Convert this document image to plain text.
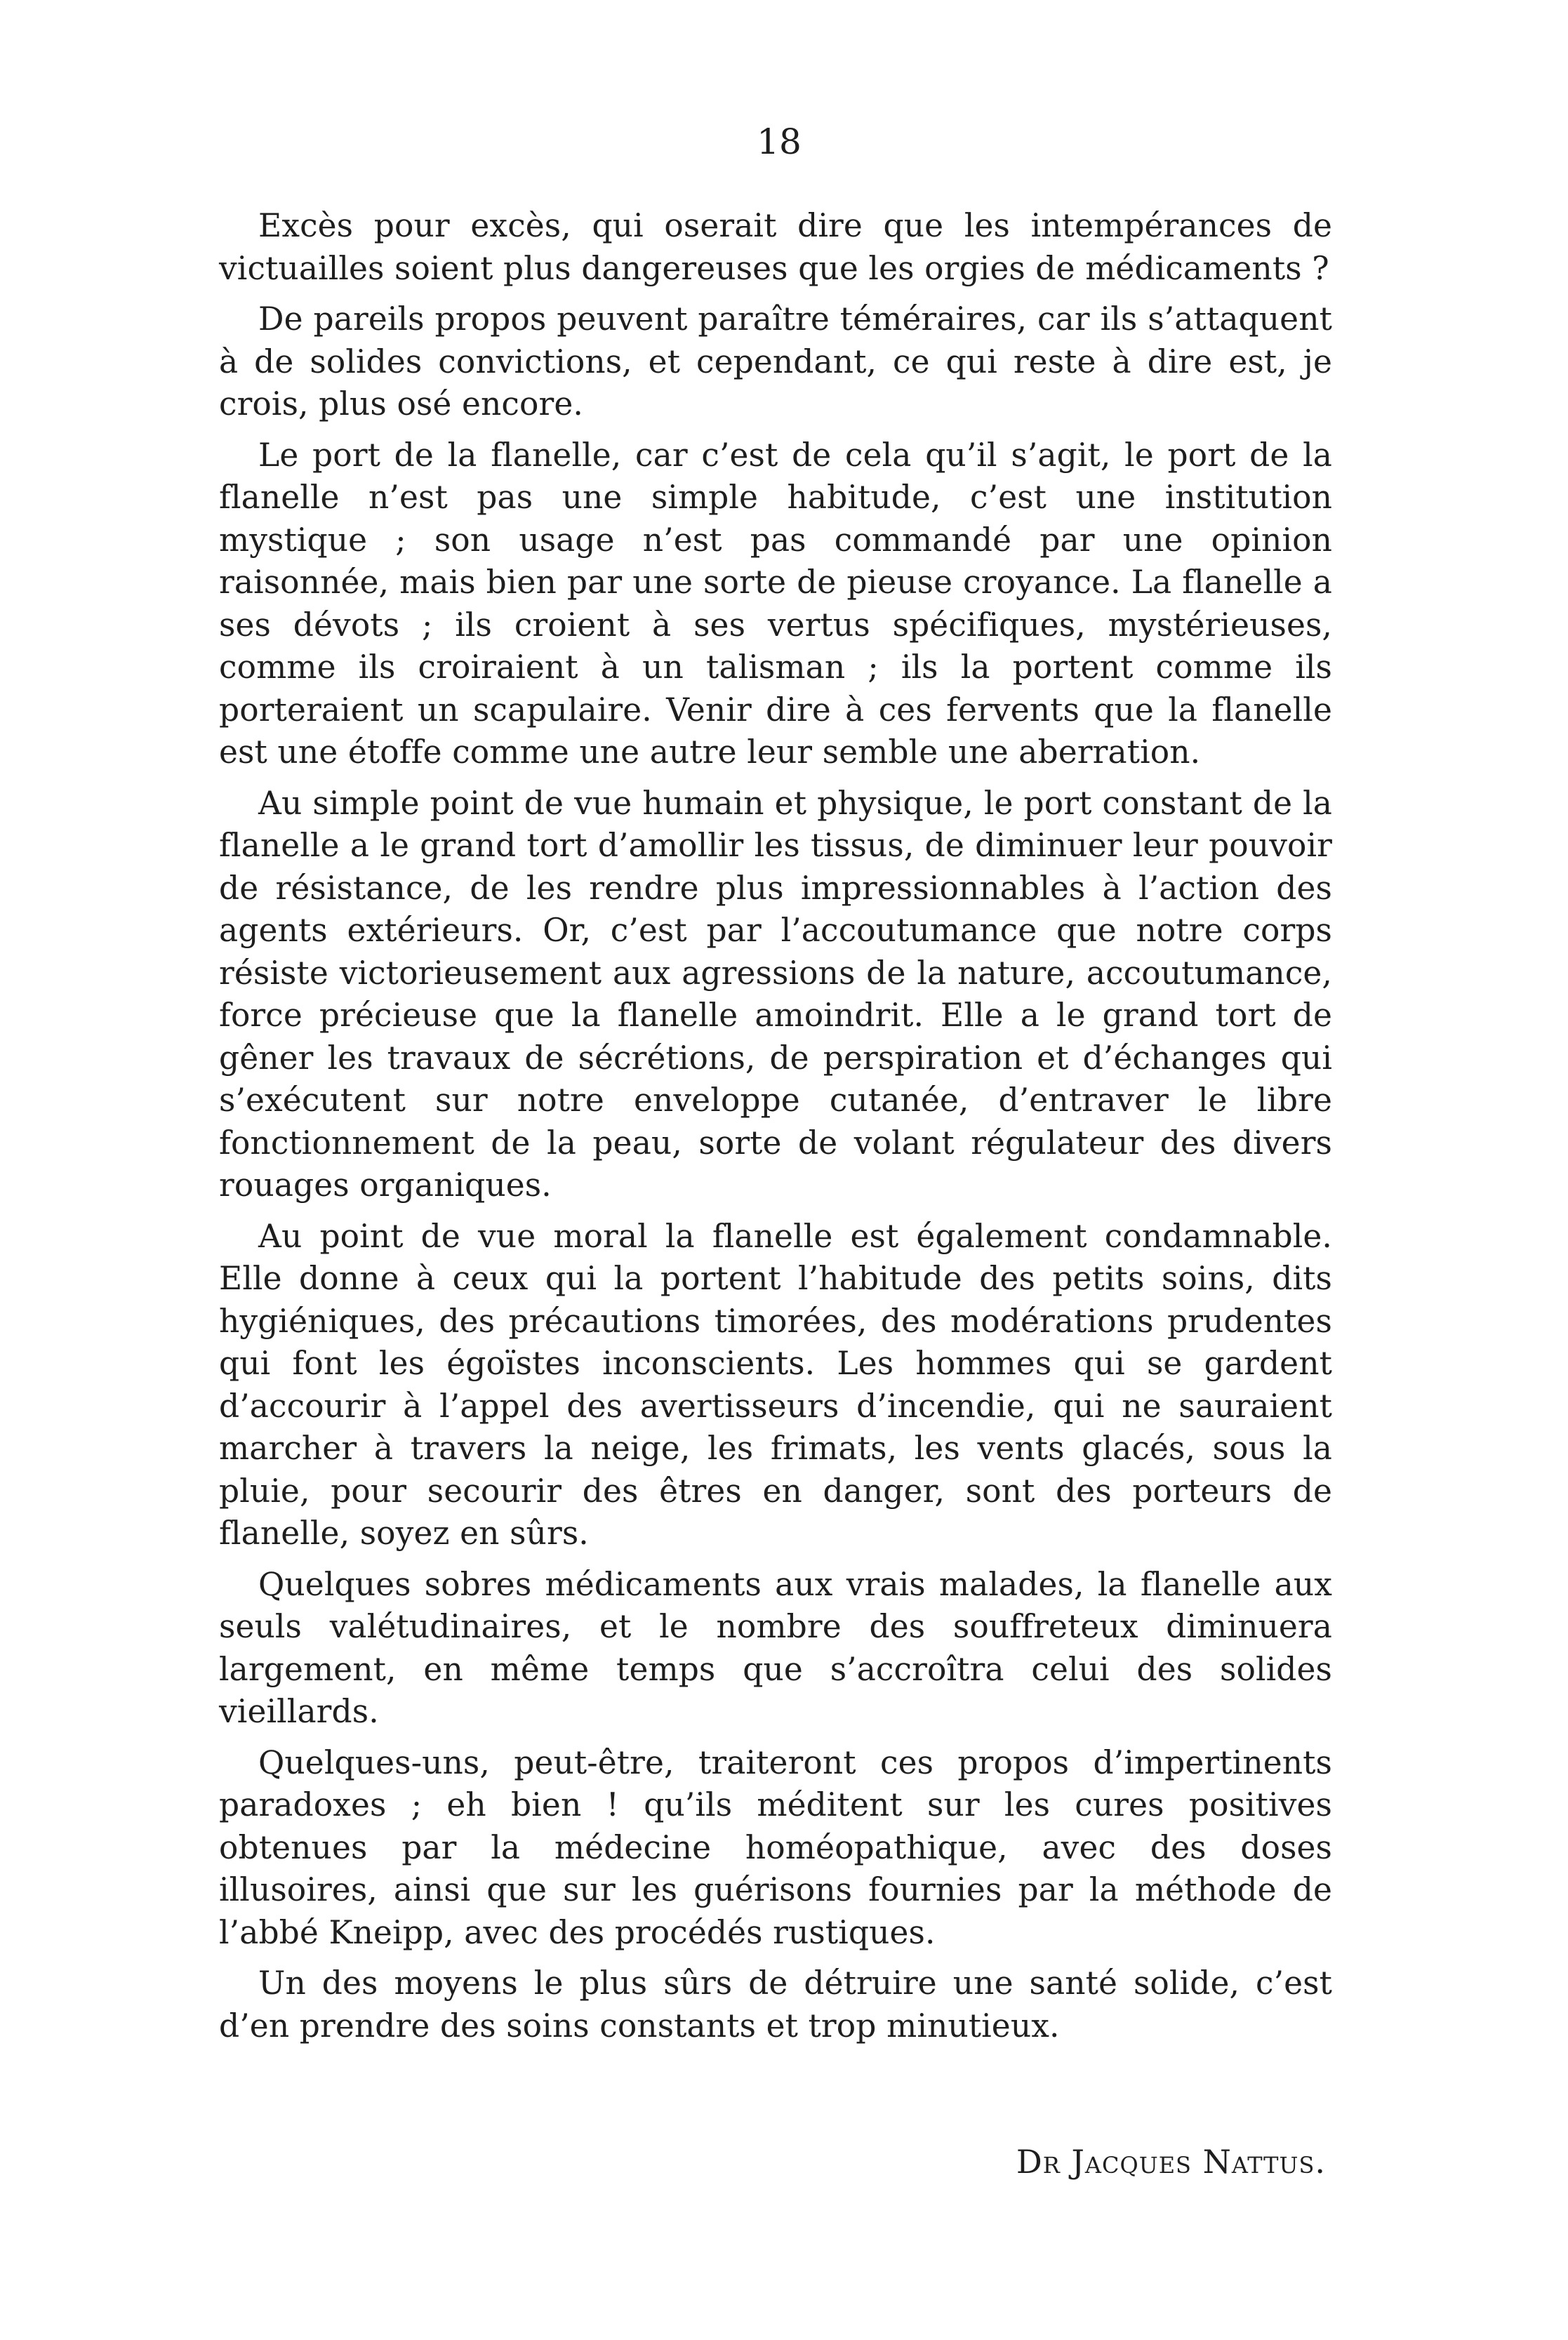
18

Excès pour excès, qui oserait dire que les intempérances de victuailles soient plus dangereuses que les orgies de médicaments ?

De pareils propos peuvent paraître téméraires, car ils s’attaquent à de solides convictions, et cependant, ce qui reste à dire est, je crois, plus osé encore.

Le port de la flanelle, car c’est de cela qu’il s’agit, le port de la flanelle n’est pas une simple habitude, c’est une institution mystique ; son usage n’est pas commandé par une opinion raisonnée, mais bien par une sorte de pieuse croyance. La flanelle a ses dévots ; ils croient à ses vertus spécifiques, mystérieuses, comme ils croiraient à un talisman ; ils la portent comme ils porteraient un scapulaire. Venir dire à ces fervents que la flanelle est une étoffe comme une autre leur semble une aberration.

Au simple point de vue humain et physique, le port constant de la flanelle a le grand tort d’amollir les tissus, de diminuer leur pouvoir de résistance, de les rendre plus impressionnables à l’action des agents extérieurs. Or, c’est par l’accoutumance que notre corps résiste victorieusement aux agressions de la nature, accoutumance, force précieuse que la flanelle amoindrit. Elle a le grand tort de gêner les travaux de sécrétions, de perspiration et d’échanges qui s’exécutent sur notre enveloppe cutanée, d’entraver le libre fonctionnement de la peau, sorte de volant régulateur des divers rouages organiques.

Au point de vue moral la flanelle est également condamnable. Elle donne à ceux qui la portent l’habitude des petits soins, dits hygiéniques, des précautions timorées, des modérations prudentes qui font les égoïstes inconscients. Les hommes qui se gardent d’accourir à l’appel des avertisseurs d’incendie, qui ne sauraient marcher à travers la neige, les frimats, les vents glacés, sous la pluie, pour secourir des êtres en danger, sont des porteurs de flanelle, soyez en sûrs.

Quelques sobres médicaments aux vrais malades, la flanelle aux seuls valétudinaires, et le nombre des souffreteux diminuera largement, en même temps que s’accroîtra celui des solides vieillards.

Quelques-uns, peut-être, traiteront ces propos d’impertinents paradoxes ; eh bien ! qu’ils méditent sur les cures positives obtenues par la médecine homéopathique, avec des doses illusoires, ainsi que sur les guérisons fournies par la méthode de l’abbé Kneipp, avec des procédés rustiques.

Un des moyens le plus sûrs de détruire une santé solide, c’est d’en prendre des soins constants et trop minutieux.

Dr Jacques Nattus.
